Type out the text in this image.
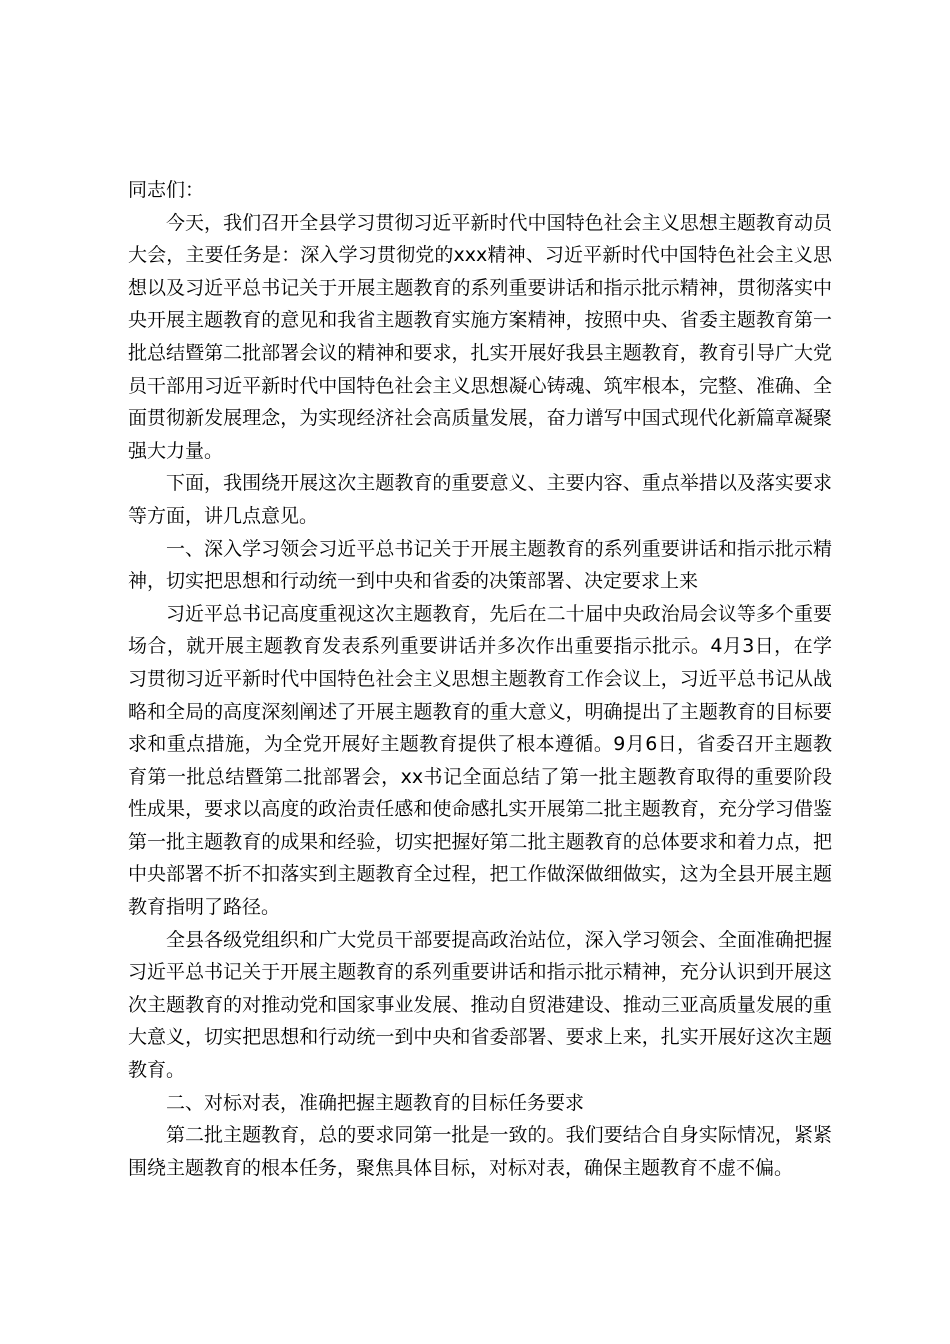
同志们：

今天，我们召开全县学习贯彻习近平新时代中国特色社会主义思想主题教育动员大会，主要任务是：深入学习贯彻党的xxx精神、习近平新时代中国特色社会主义思想以及习近平总书记关于开展主题教育的系列重要讲话和指示批示精神，贯彻落实中央开展主题教育的意见和我省主题教育实施方案精神，按照中央、省委主题教育第一批总结暨第二批部署会议的精神和要求，扎实开展好我县主题教育，教育引导广大党员干部用习近平新时代中国特色社会主义思想凝心铸魂、筑牢根本，完整、准确、全面贯彻新发展理念，为实现经济社会高质量发展，奋力谱写中国式现代化新篇章凝聚强大力量。

下面，我围绕开展这次主题教育的重要意义、主要内容、重点举措以及落实要求等方面，讲几点意见。

一、深入学习领会习近平总书记关于开展主题教育的系列重要讲话和指示批示精神，切实把思想和行动统一到中央和省委的决策部署、决定要求上来

习近平总书记高度重视这次主题教育，先后在二十届中央政治局会议等多个重要场合，就开展主题教育发表系列重要讲话并多次作出重要指示批示。4月3日，在学习贯彻习近平新时代中国特色社会主义思想主题教育工作会议上，习近平总书记从战略和全局的高度深刻阐述了开展主题教育的重大意义，明确提出了主题教育的目标要求和重点措施，为全党开展好主题教育提供了根本遵循。9月6日，省委召开主题教育第一批总结暨第二批部署会，xx书记全面总结了第一批主题教育取得的重要阶段性成果，要求以高度的政治责任感和使命感扎实开展第二批主题教育，充分学习借鉴第一批主题教育的成果和经验，切实把握好第二批主题教育的总体要求和着力点，把中央部署不折不扣落实到主题教育全过程，把工作做深做细做实，这为全县开展主题教育指明了路径。

全县各级党组织和广大党员干部要提高政治站位，深入学习领会、全面准确把握习近平总书记关于开展主题教育的系列重要讲话和指示批示精神，充分认识到开展这次主题教育的对推动党和国家事业发展、推动自贸港建设、推动三亚高质量发展的重大意义，切实把思想和行动统一到中央和省委部署、要求上来，扎实开展好这次主题教育。

二、对标对表，准确把握主题教育的目标任务要求

第二批主题教育，总的要求同第一批是一致的。我们要结合自身实际情况，紧紧围绕主题教育的根本任务，聚焦具体目标，对标对表，确保主题教育不虚不偏。
